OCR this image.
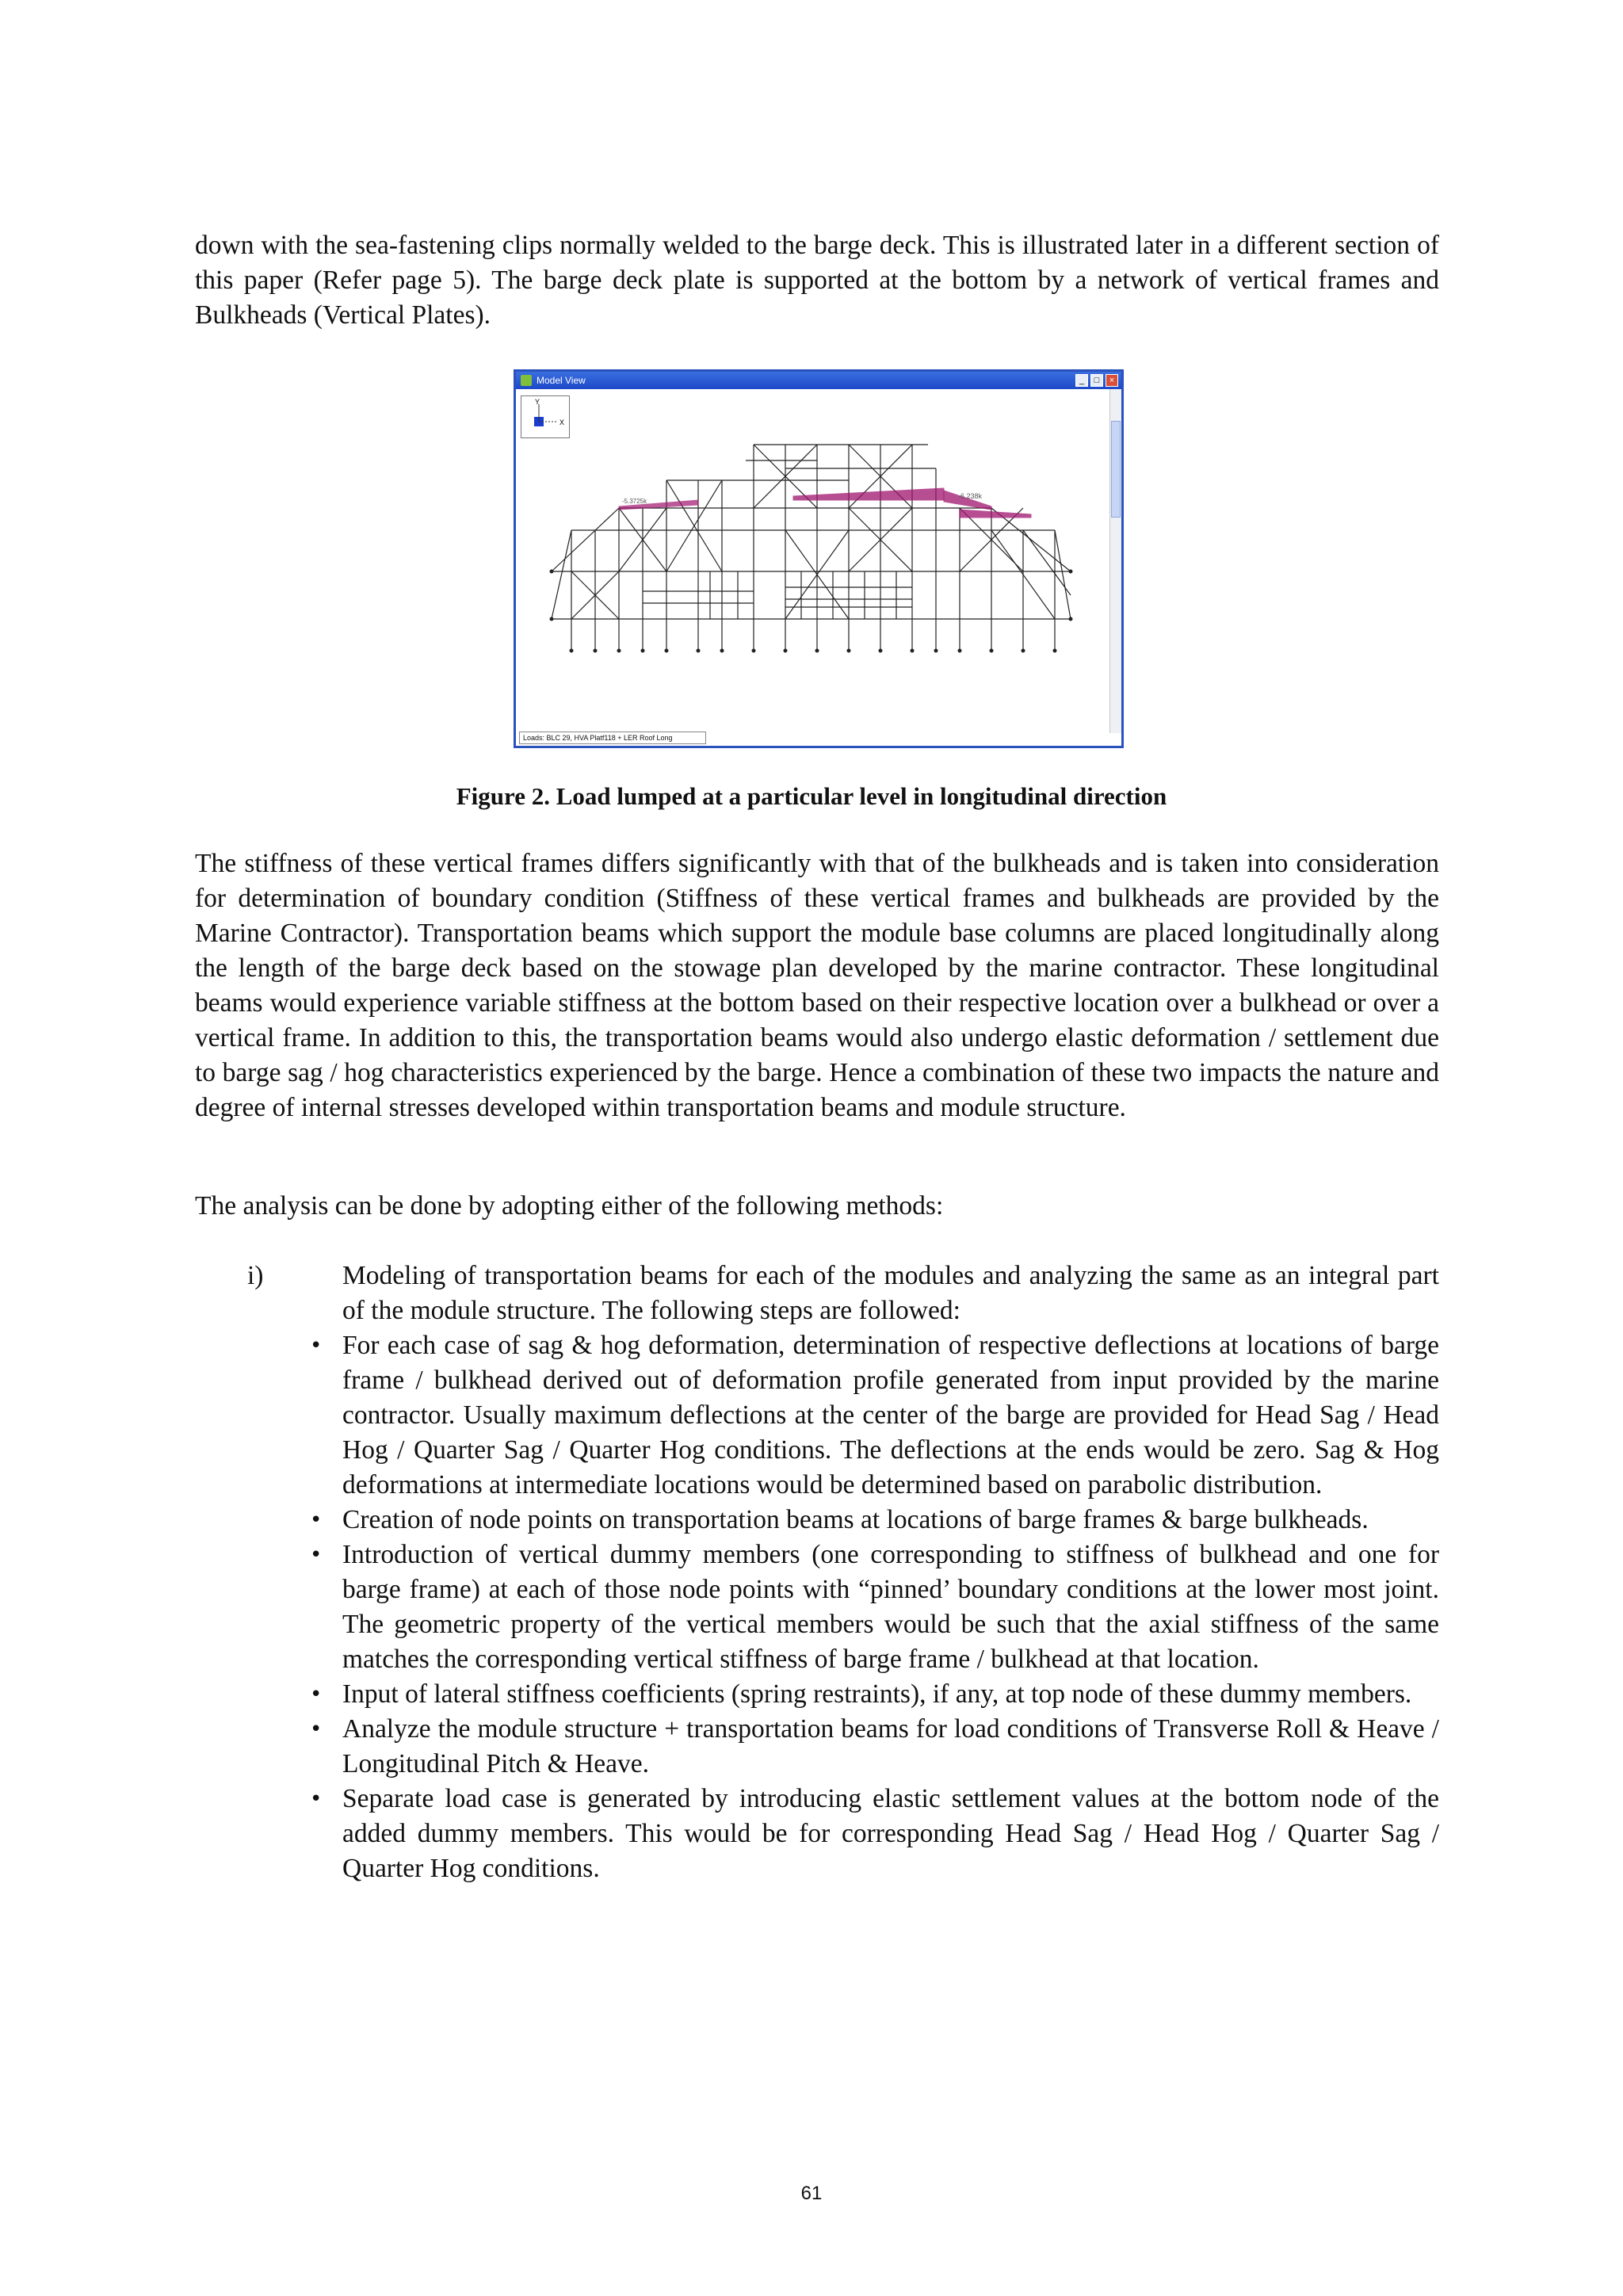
down with the sea-fastening clips normally welded to the barge deck. This is illustrated later in a different section of this paper (Refer page 5). The barge deck plate is supported at the bottom by a network of vertical frames and Bulkheads (Vertical Plates).

Model View	_	□	×
Y
X
-6.238k
-5.3725k
Loads: BLC 29, HVA Platf118 + LER Roof Long

Figure 2. Load lumped at a particular level in longitudinal direction

The stiffness of these vertical frames differs significantly with that of the bulkheads and is taken into consideration for determination of boundary condition (Stiffness of these vertical frames and bulkheads are provided by the Marine Contractor). Transportation beams which support the module base columns are placed longitudinally along the length of the barge deck based on the stowage plan developed by the marine contractor. These longitudinal beams would experience variable stiffness at the bottom based on their respective location over a bulkhead or over a vertical frame. In addition to this, the transportation beams would also undergo elastic deformation / settlement due to barge sag / hog characteristics experienced by the barge. Hence a combination of these two impacts the nature and degree of internal stresses developed within transportation beams and module structure.

The analysis can be done by adopting either of the following methods:

i)	Modeling of transportation beams for each of the modules and analyzing the same as an integral part of the module structure. The following steps are followed:
• For each case of sag & hog deformation, determination of respective deflections at locations of barge frame / bulkhead derived out of deformation profile generated from input provided by the marine contractor. Usually maximum deflections at the center of the barge are provided for Head Sag / Head Hog / Quarter Sag / Quarter Hog conditions. The deflections at the ends would be zero. Sag & Hog deformations at intermediate locations would be determined based on parabolic distribution.
• Creation of node points on transportation beams at locations of barge frames & barge bulkheads.
• Introduction of vertical dummy members (one corresponding to stiffness of bulkhead and one for barge frame) at each of those node points with “pinned’ boundary conditions at the lower most joint. The geometric property of the vertical members would be such that the axial stiffness of the same matches the corresponding vertical stiffness of barge frame / bulkhead at that location.
• Input of lateral stiffness coefficients (spring restraints), if any, at top node of these dummy members.
• Analyze the module structure + transportation beams for load conditions of Transverse Roll & Heave / Longitudinal Pitch & Heave.
• Separate load case is generated by introducing elastic settlement values at the bottom node of the added dummy members. This would be for corresponding Head Sag / Head Hog / Quarter Sag / Quarter Hog conditions.
61
